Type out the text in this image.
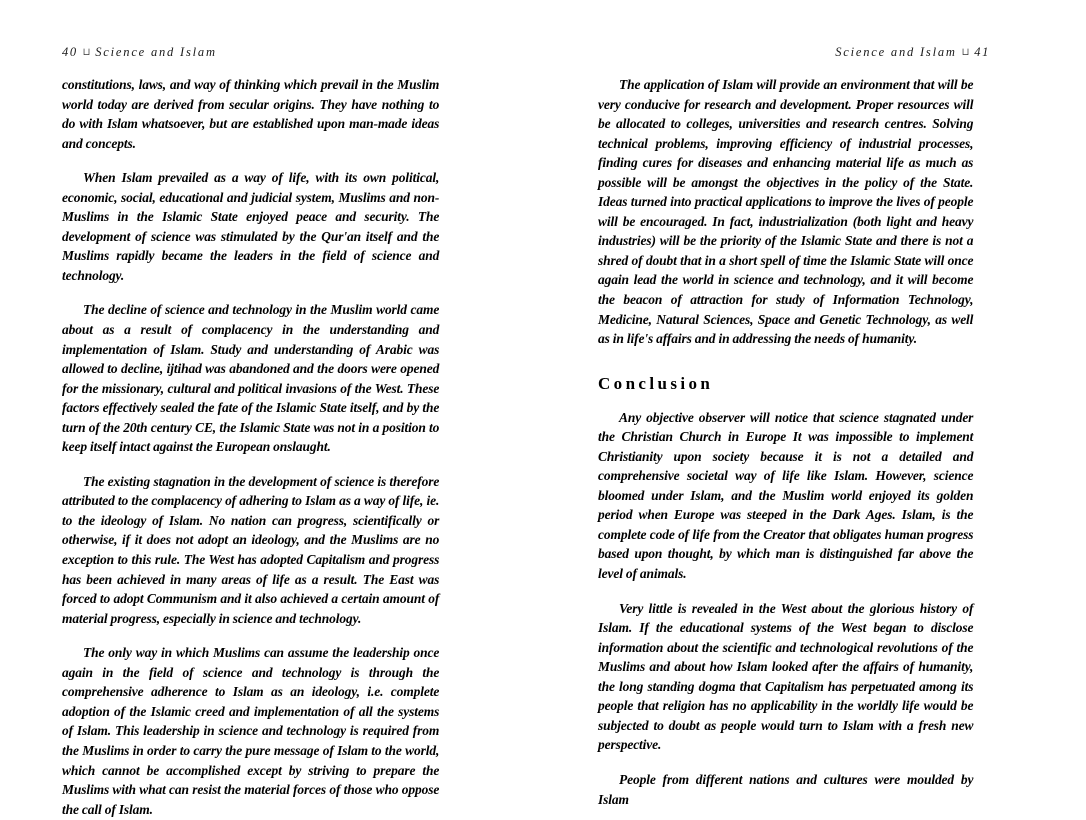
40 ⊔ Science and Islam	Science and Islam ⊔ 41

constitutions, laws, and way of thinking which prevail in the Muslim world today are derived from secular origins. They have nothing to do with Islam whatsoever, but are established upon man-made ideas and concepts.

When Islam prevailed as a way of life, with its own political, economic, social, educational and judicial system, Muslims and non-Muslims in the Islamic State enjoyed peace and security. The development of science was stimulated by the Qur'an itself and the Muslims rapidly became the leaders in the field of science and technology.

The decline of science and technology in the Muslim world came about as a result of complacency in the understanding and implementation of Islam. Study and understanding of Arabic was allowed to decline, ijtihad was abandoned and the doors were opened for the missionary, cultural and political invasions of the West. These factors effectively sealed the fate of the Islamic State itself, and by the turn of the 20th century CE, the Islamic State was not in a position to keep itself intact against the European onslaught.

The existing stagnation in the development of science is therefore attributed to the complacency of adhering to Islam as a way of life, ie. to the ideology of Islam. No nation can progress, scientifically or otherwise, if it does not adopt an ideology, and the Muslims are no exception to this rule. The West has adopted Capitalism and progress has been achieved in many areas of life as a result. The East was forced to adopt Communism and it also achieved a certain amount of material progress, especially in science and technology.

The only way in which Muslims can assume the leadership once again in the field of science and technology is through the comprehensive adherence to Islam as an ideology, i.e. complete adoption of the Islamic creed and implementation of all the systems of Islam. This leadership in science and technology is required from the Muslims in order to carry the pure message of Islam to the world, which cannot be accomplished except by striving to prepare the Muslims with what can resist the material forces of those who oppose the call of Islam.

The application of Islam will provide an environment that will be very conducive for research and development. Proper resources will be allocated to colleges, universities and research centres. Solving technical problems, improving efficiency of industrial processes, finding cures for diseases and enhancing material life as much as possible will be amongst the objectives in the policy of the State. Ideas turned into practical applications to improve the lives of people will be encouraged. In fact, industrialization (both light and heavy industries) will be the priority of the Islamic State and there is not a shred of doubt that in a short spell of time the Islamic State will once again lead the world in science and technology, and it will become the beacon of attraction for study of Information Technology, Medicine, Natural Sciences, Space and Genetic Technology, as well as in life's affairs and in addressing the needs of humanity.

Conclusion

Any objective observer will notice that science stagnated under the Christian Church in Europe It was impossible to implement Christianity upon society because it is not a detailed and comprehensive societal way of life like Islam. However, science bloomed under Islam, and the Muslim world enjoyed its golden period when Europe was steeped in the Dark Ages. Islam, is the complete code of life from the Creator that obligates human progress based upon thought, by which man is distinguished far above the level of animals.

Very little is revealed in the West about the glorious history of Islam. If the educational systems of the West began to disclose information about the scientific and technological revolutions of the Muslims and about how Islam looked after the affairs of humanity, the long standing dogma that Capitalism has perpetuated among its people that religion has no applicability in the worldly life would be subjected to doubt as people would turn to Islam with a fresh new perspective.

People from different nations and cultures were moulded by Islam
